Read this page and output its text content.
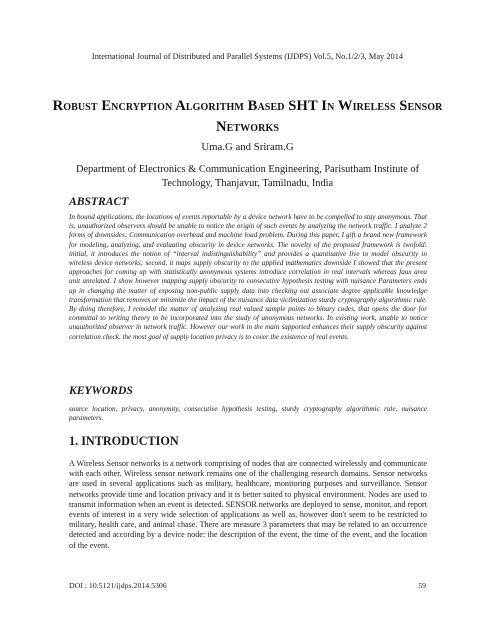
International Journal of Distributed and Parallel Systems (IJDPS) Vol.5, No.1/2/3, May 2014
Robust Encryption Algorithm Based SHT In Wireless Sensor Networks
Uma.G and Sriram.G
Department of Electronics & Communication Engineering, Parisutham Institute of Technology, Thanjavur, Tamilnadu, India
ABSTRACT

In bound applications, the locations of events reportable by a device network have to be compelled to stay anonymous. That is, unauthorized observers should be unable to notice the origin of such events by analyzing the network traffic. I analyze 2 forms of downsides: Communication overhead and machine load problem. During this paper, I gift a brand new framework for modeling, analyzing, and evaluating obscurity in device networks. The novelty of the proposed framework is twofold: initial, it introduces the notion of “interval indistinguishability” and provides a quantitative live to model obscurity in wireless device networks; second, it maps supply obscurity to the applied mathematics downside I showed that the present approaches for coming up with statistically anonymous systems introduce correlation in real intervals whereas faux area unit unrelated. I show however mapping supply obscurity to consecutive hypothesis testing with nuisance Parameters ends up in changing the matter of exposing non-public supply data into checking out associate degree applicable knowledge transformation that removes or minimize the impact of the nuisance data victimization sturdy cryptography algorithmic rule. By doing therefore, I remodel the matter of analyzing real valued sample points to binary codes, that opens the door for committal to writing theory to be incorporated into the study of anonymous networks. In existing work, unable to notice unauthorized observer in network traffic. However our work in the main supported enhances their supply obscurity against correlation check. the most goal of supply location privacy is to cover the existence of real events.

KEYWORDS

source location, privacy, anonymity, consecutive hypothesis testing, sturdy cryptography algorithmic rule, nuisance parameters.

1. INTRODUCTION

A Wireless Sensor networks is a network comprising of nodes that are connected wirelessly and communicate with each other. Wireless sensor network remains one of the challenging research domains. Sensor networks are used in several applications such as military, healthcare, monitoring purposes and surveillance. Sensor networks provide time and location privacy and it is better suited to physical environment. Nodes are used to transmit information when an event is detected. SENSOR networks are deployed to sense, monitor, and report events of interest in a very wide selection of applications as well as, however don't seem to be restricted to military, health care, and animal chase. There are measure 3 parameters that may be related to an occurrence detected and according by a device node: the description of the event, the time of the event, and the location of the event.

DOI : 10.5121/ijdps.2014.5306	59
